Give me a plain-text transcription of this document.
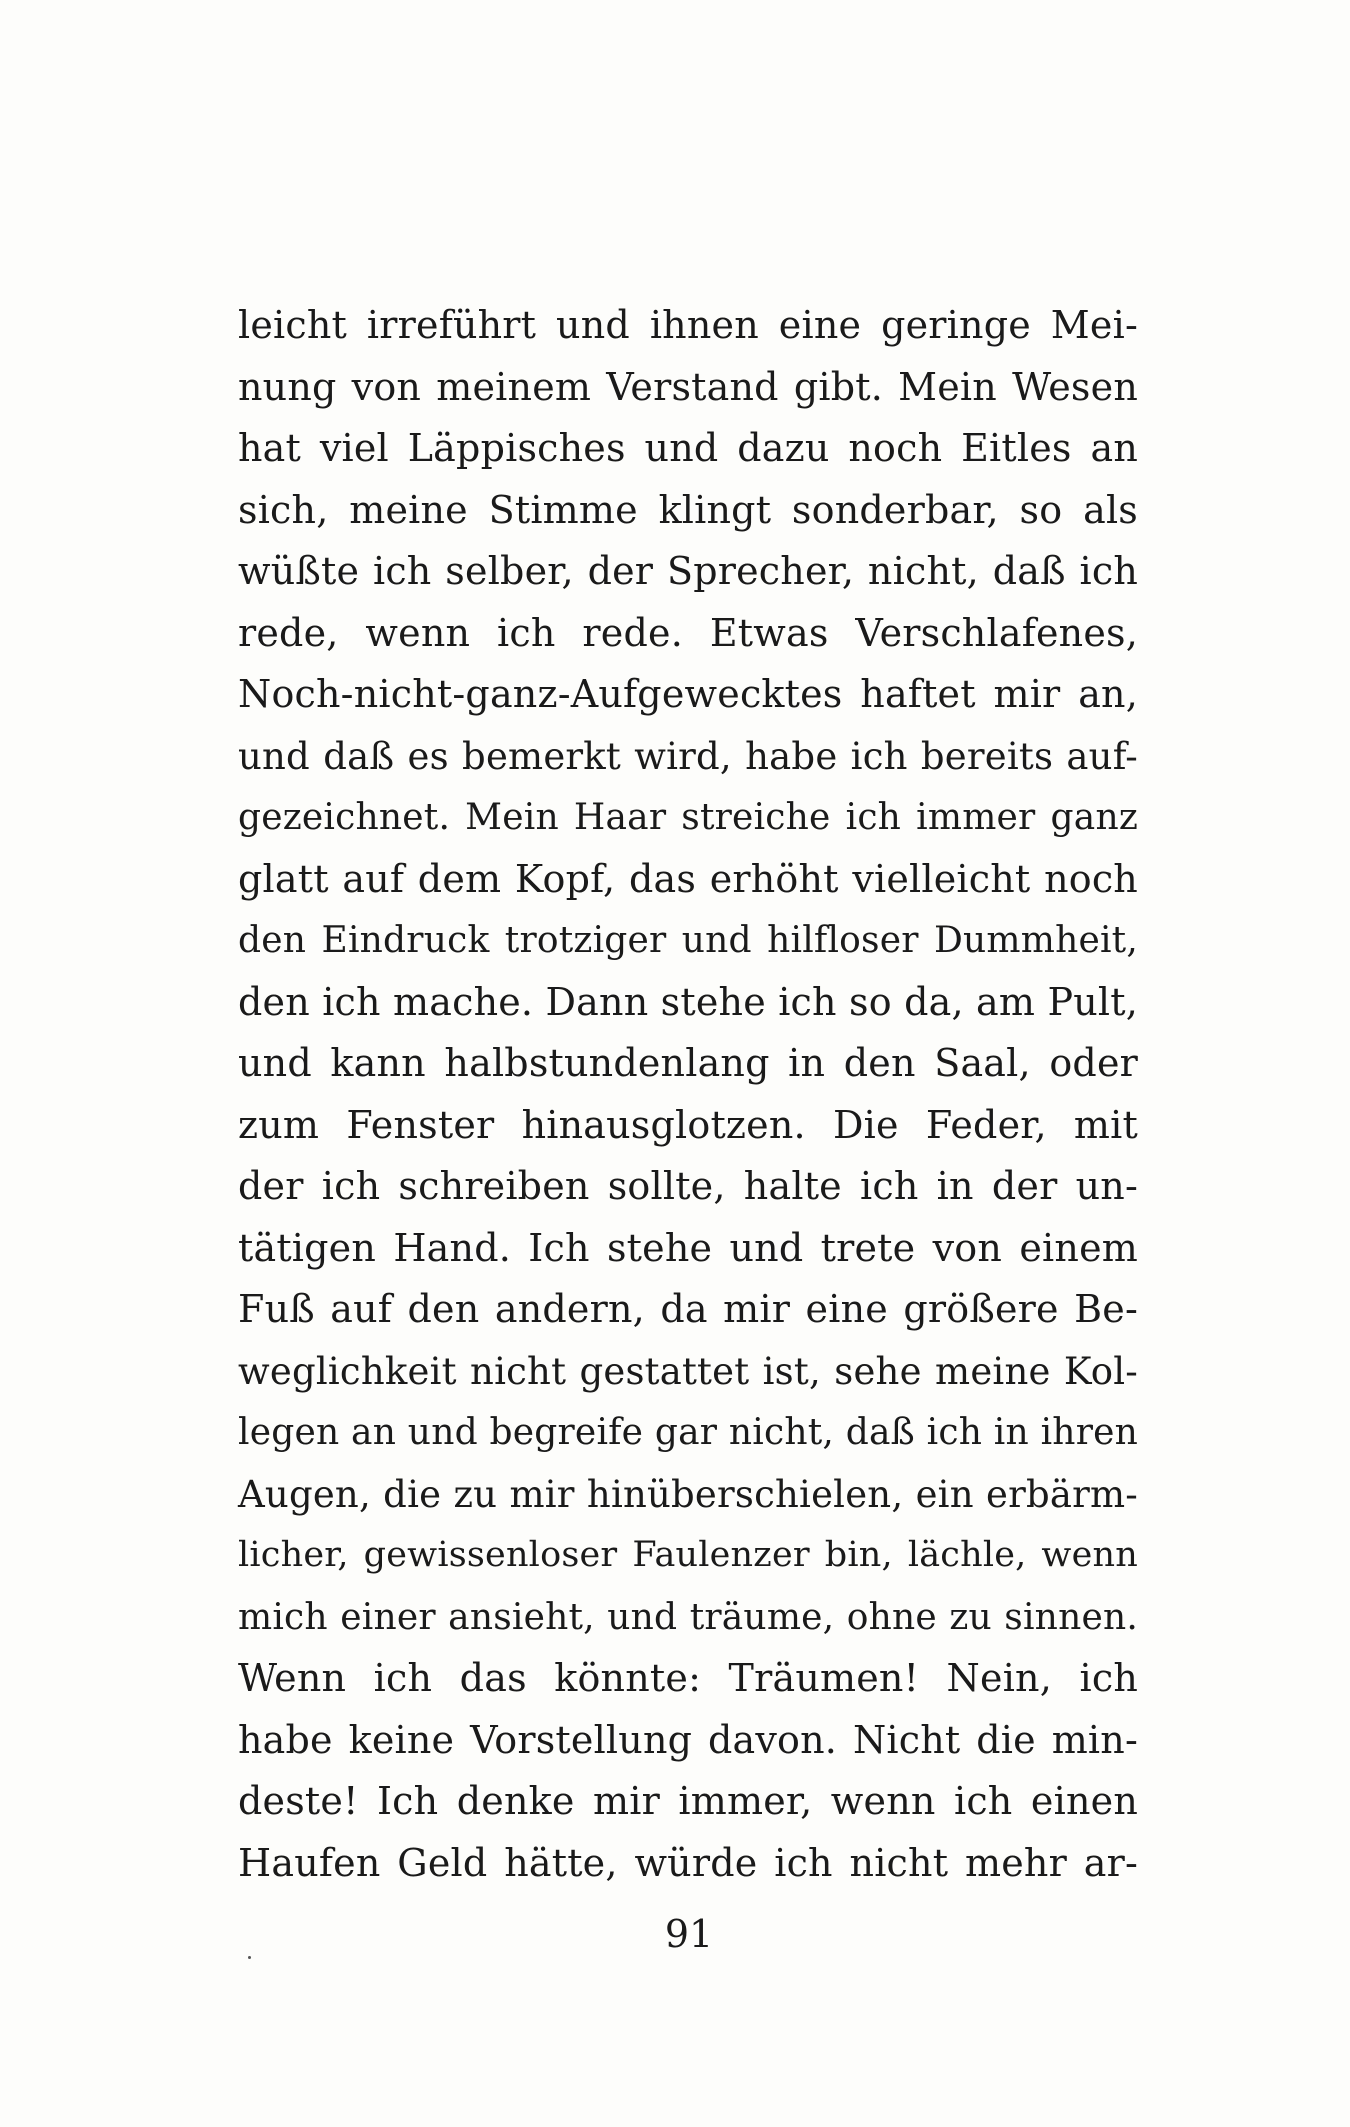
leicht irreführt und ihnen eine geringe Mei-
nung von meinem Verstand gibt. Mein Wesen
hat viel Läppisches und dazu noch Eitles an
sich, meine Stimme klingt sonderbar, so als
wüßte ich selber, der Sprecher, nicht, daß ich
rede, wenn ich rede. Etwas Verschlafenes,
Noch-nicht-ganz-Aufgewecktes haftet mir an,
und daß es bemerkt wird, habe ich bereits auf-
gezeichnet. Mein Haar streiche ich immer ganz
glatt auf dem Kopf, das erhöht vielleicht noch
den Eindruck trotziger und hilfloser Dummheit,
den ich mache. Dann stehe ich so da, am Pult,
und kann halbstundenlang in den Saal, oder
zum Fenster hinausglotzen. Die Feder, mit
der ich schreiben sollte, halte ich in der un-
tätigen Hand. Ich stehe und trete von einem
Fuß auf den andern, da mir eine größere Be-
weglichkeit nicht gestattet ist, sehe meine Kol-
legen an und begreife gar nicht, daß ich in ihren
Augen, die zu mir hinüberschielen, ein erbärm-
licher, gewissenloser Faulenzer bin, lächle, wenn
mich einer ansieht, und träume, ohne zu sinnen.
Wenn ich das könnte: Träumen! Nein, ich
habe keine Vorstellung davon. Nicht die min-
deste! Ich denke mir immer, wenn ich einen
Haufen Geld hätte, würde ich nicht mehr ar-
91
